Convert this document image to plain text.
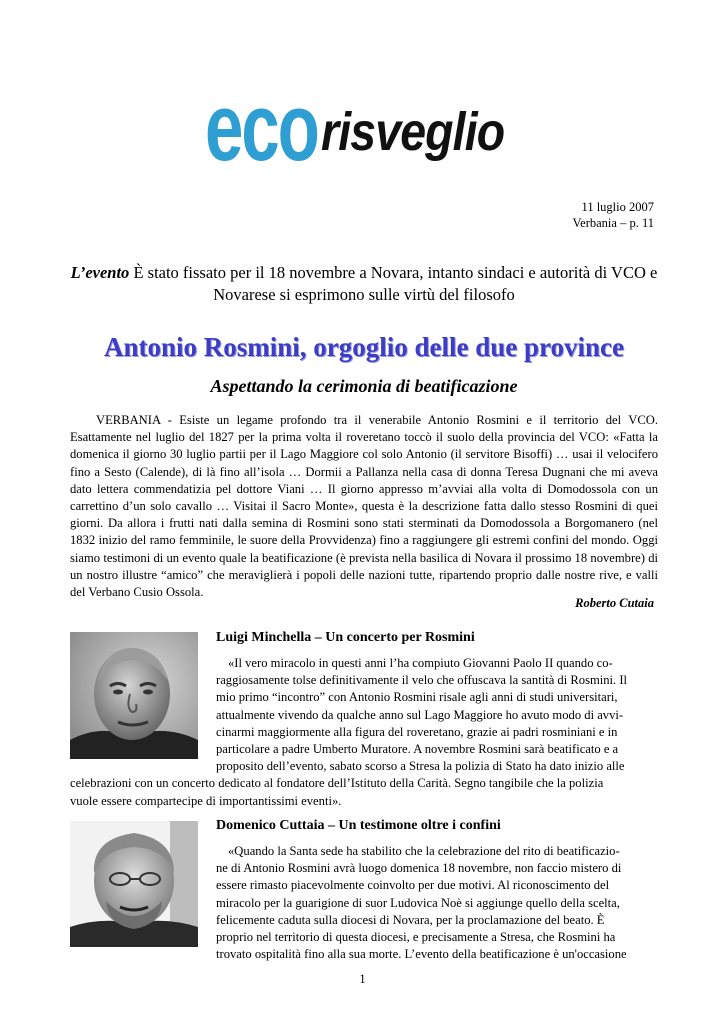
eco risveglio
11 luglio 2007
Verbania – p. 11
L’evento È stato fissato per il 18 novembre a Novara, intanto sindaci e autorità di VCO e Novarese si esprimono sulle virtù del filosofo
Antonio Rosmini, orgoglio delle due province
Aspettando la cerimonia di beatificazione

VERBANIA - Esiste un legame profondo tra il venerabile Antonio Rosmini e il territorio del VCO. Esattamente nel luglio del 1827 per la prima volta il roveretano toccò il suolo della provincia del VCO: «Fatta la domenica il giorno 30 luglio partii per il Lago Maggiore col solo Antonio (il servitore Bisoffi) … usai il velocifero fino a Sesto (Calende), di là fino all’isola … Dormii a Pallanza nella casa di donna Teresa Dugnani che mi aveva dato lettera commendatizia pel dottore Viani … Il giorno appresso m’avviai alla volta di Domodossola con un carrettino d’un solo cavallo … Visitai il Sacro Monte», questa è la descrizione fatta dallo stesso Rosmini di quei giorni. Da allora i frutti nati dalla semina di Rosmini sono stati sterminati da Domodossola a Borgomanero (nel 1832 inizio del ramo femminile, le suore della Provvidenza) fino a raggiungere gli estremi confini del mondo. Oggi siamo testimoni di un evento quale la beatificazione (è prevista nella basilica di Novara il prossimo 18 novembre) di un nostro illustre “amico” che meraviglierà i popoli delle nazioni tutte, ripartendo proprio dalle nostre rive, e valli del Verbano Cusio Ossola.

Roberto Cutaia
Luigi Minchella – Un concerto per Rosmini
«Il vero miracolo in questi anni l’ha compiuto Giovanni Paolo II quando co-
raggiosamente tolse definitivamente il velo che offuscava la santità di Rosmini. Il
mio primo “incontro” con Antonio Rosmini risale agli anni di studi universitari,
attualmente vivendo da qualche anno sul Lago Maggiore ho avuto modo di avvi-
cinarmi maggiormente alla figura del roveretano, grazie ai padri rosminiani e in
particolare a padre Umberto Muratore. A novembre Rosmini sarà beatificato e a
proposito dell’evento, sabato scorso a Stresa la polizia di Stato ha dato inizio alle
celebrazioni con un concerto dedicato al fondatore dell’Istituto della Carità. Segno tangibile che la polizia
vuole essere compartecipe di importantissimi eventi».
Domenico Cuttaia – Un testimone oltre i confini
«Quando la Santa sede ha stabilito che la celebrazione del rito di beatificazio-
ne di Antonio Rosmini avrà luogo domenica 18 novembre, non faccio mistero di
essere rimasto piacevolmente coinvolto per due motivi. Al riconoscimento del
miracolo per la guarigione di suor Ludovica Noè si aggiunge quello della scelta,
felicemente caduta sulla diocesi di Novara, per la proclamazione del beato. È
proprio nel territorio di questa diocesi, e precisamente a Stresa, che Rosmini ha
trovato ospitalità fino alla sua morte. L’evento della beatificazione è un'occasione
1
